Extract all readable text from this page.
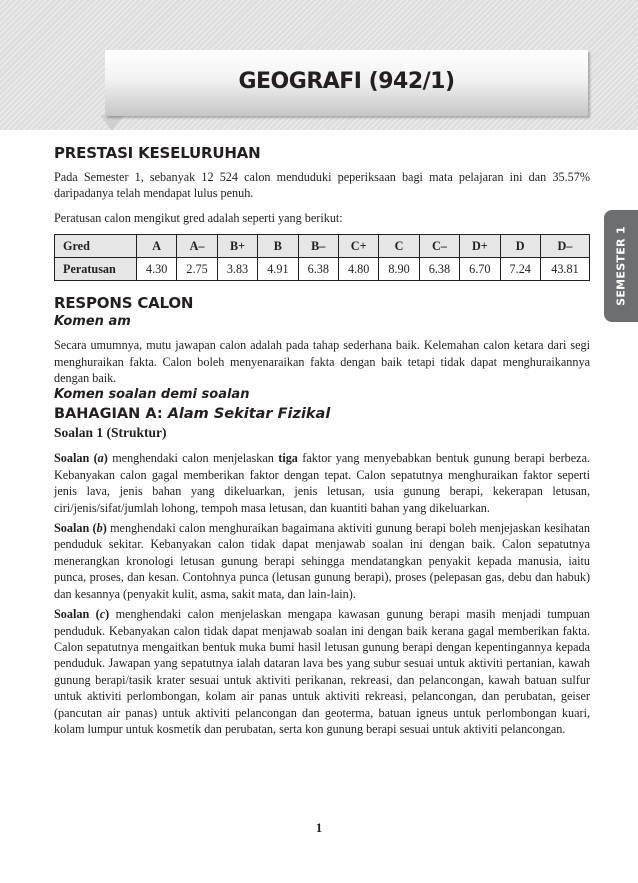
GEOGRAFI (942/1)
SEMESTER 1
PRESTASI KESELURUHAN

Pada Semester 1, sebanyak 12 524 calon menduduki peperiksaan bagi mata pelajaran ini dan 35.57% daripadanya telah mendapat lulus penuh.

Peratusan calon mengikut gred adalah seperti yang berikut:

Gred	A	A–	B+	B	B–	C+	C	C–	D+	D	D–
Peratusan	4.30	2.75	3.83	4.91	6.38	4.80	8.90	6.38	6.70	7.24	43.81
RESPONS CALON
Komen am

Secara umumnya, mutu jawapan calon adalah pada tahap sederhana baik. Kelemahan calon ketara dari segi menghuraikan fakta. Calon boleh menyenaraikan fakta dengan baik tetapi tidak dapat menghuraikannya dengan baik.

Komen soalan demi soalan
BAHAGIAN A: Alam Sekitar Fizikal
Soalan 1 (Struktur)

Soalan (a) menghendaki calon menjelaskan tiga faktor yang menyebabkan bentuk gunung berapi berbeza. Kebanyakan calon gagal memberikan faktor dengan tepat. Calon sepatutnya menghuraikan faktor seperti jenis lava, jenis bahan yang dikeluarkan, jenis letusan, usia gunung berapi, kekerapan letusan, ciri/jenis/sifat/jumlah lohong, tempoh masa letusan, dan kuantiti bahan yang dikeluarkan.

Soalan (b) menghendaki calon menghuraikan bagaimana aktiviti gunung berapi boleh menjejaskan kesihatan penduduk sekitar. Kebanyakan calon tidak dapat menjawab soalan ini dengan baik. Calon sepatutnya menerangkan kronologi letusan gunung berapi sehingga mendatangkan penyakit kepada manusia, iaitu punca, proses, dan kesan. Contohnya punca (letusan gunung berapi), proses (pelepasan gas, debu dan habuk) dan kesannya (penyakit kulit, asma, sakit mata, dan lain-lain).

Soalan (c) menghendaki calon menjelaskan mengapa kawasan gunung berapi masih menjadi tumpuan penduduk. Kebanyakan calon tidak dapat menjawab soalan ini dengan baik kerana gagal memberikan fakta. Calon sepatutnya mengaitkan bentuk muka bumi hasil letusan gunung berapi dengan kepentingannya kepada penduduk. Jawapan yang sepatutnya ialah dataran lava bes yang subur sesuai untuk aktiviti pertanian, kawah gunung berapi/tasik krater sesuai untuk aktiviti perikanan, rekreasi, dan pelancongan, kawah batuan sulfur untuk aktiviti perlombongan, kolam air panas untuk aktiviti rekreasi, pelancongan, dan perubatan, geiser (pancutan air panas) untuk aktiviti pelancongan dan geoterma, batuan igneus untuk perlombongan kuari, kolam lumpur untuk kosmetik dan perubatan, serta kon gunung berapi sesuai untuk aktiviti pelancongan.

1
